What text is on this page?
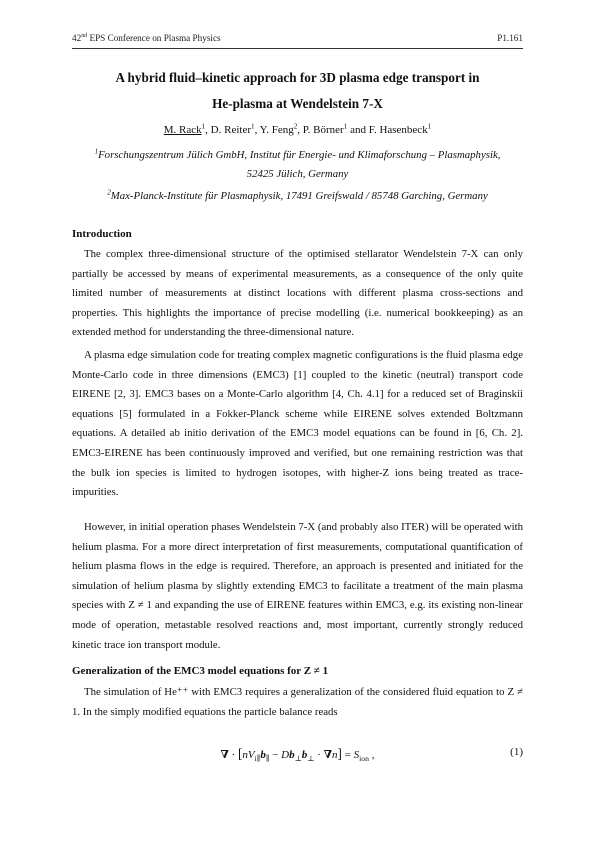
42nd EPS Conference on Plasma Physics	P1.161
A hybrid fluid–kinetic approach for 3D plasma edge transport in
He-plasma at Wendelstein 7-X
M. Rack$^1$, D. Reiter$^1$, Y. Feng$^2$, P. Börner$^1$ and F. Hasenbeck$^1$
$^1$Forschungszentrum Jülich GmbH, Institut für Energie- und Klimaforschung – Plasmaphysik,
52425 Jülich, Germany
$^2$Max-Planck-Institute für Plasmaphysik, 17491 Greifswald / 85748 Garching, Germany
Introduction
The complex three-dimensional structure of the optimised stellarator Wendelstein 7-X can only partially be accessed by means of experimental measurements, as a consequence of the only quite limited number of measurements at distinct locations with different plasma cross-sections and properties. This highlights the importance of precise modelling (i.e. numerical bookkeeping) as an extended method for understanding the three-dimensional nature.
A plasma edge simulation code for treating complex magnetic configurations is the fluid plasma edge Monte-Carlo code in three dimensions (EMC3) [1] coupled to the kinetic (neutral) transport code EIRENE [2, 3]. EMC3 bases on a Monte-Carlo algorithm [4, Ch. 4.1] for a reduced set of Braginskii equations [5] formulated in a Fokker-Planck scheme while EIRENE solves extended Boltzmann equations. A detailed ab initio derivation of the EMC3 model equations can be found in [6, Ch. 2]. EMC3-EIRENE has been continuously improved and verified, but one remaining restriction was that the bulk ion species is limited to hydrogen isotopes, with higher-Z ions being treated as trace-impurities.
However, in initial operation phases Wendelstein 7-X (and probably also ITER) will be operated with helium plasma. For a more direct interpretation of first measurements, computational quantification of helium plasma flows in the edge is required. Therefore, an approach is presented and initiated for the simulation of helium plasma by slightly extending EMC3 to facilitate a treatment of the main plasma species with Z ≠ 1 and expanding the use of EIRENE features within EMC3, e.g. its existing non-linear mode of operation, metastable resolved reactions and, most important, currently strongly reduced kinetic trace ion transport module.
Generalization of the EMC3 model equations for Z ≠ 1
The simulation of He⁺⁺ with EMC3 requires a generalization of the considered fluid equation to Z ≠ 1. In the simply modified equations the particle balance reads
∇ · $[nV_{i\parallel}b_\parallel - Db_\perp b_\perp \cdot \nabla n] = S_{ion}$ ,	(1)
